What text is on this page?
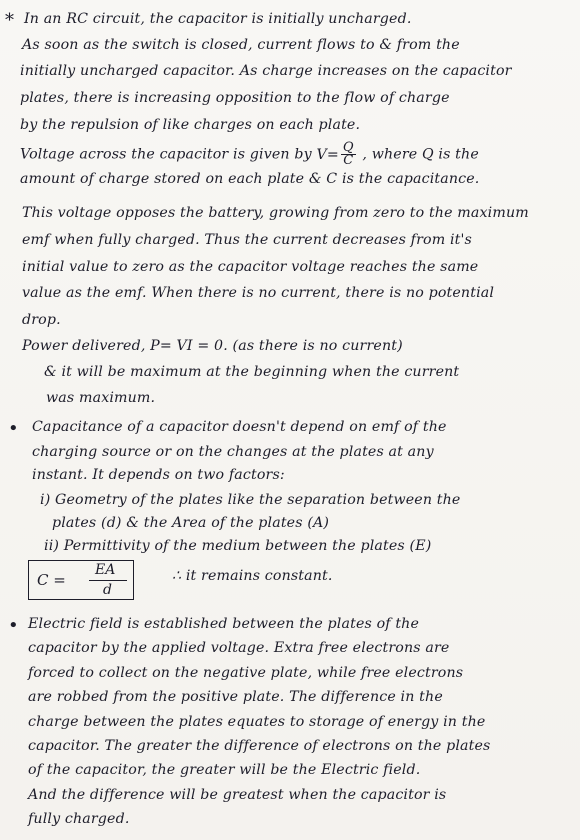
* In an RC circuit, the capacitor is initially uncharged.
As soon as the switch is closed, current flows to & from the
initially uncharged capacitor. As charge increases on the capacitor
plates, there is increasing opposition to the flow of charge
by the repulsion of like charges on each plate.
Voltage across the capacitor is given by $V= \frac{Q}{C}$ , where Q is the
amount of charge stored on each plate & C is the capacitance.
This voltage opposes the battery, growing from zero to the maximum
emf when fully charged. Thus the current decreases from it's
initial value to zero as the capacitor voltage reaches the same
value as the emf. When there is no current, there is no potential
drop.
Power delivered, P= VI = 0. (as there is no current)
& it will be maximum at the beginning when the current
was maximum.
• Capacitance of a capacitor doesn't depend on emf of the
charging source or on the changes at the plates at any
instant. It depends on two factors:
i) Geometry of the plates like the separation between the
plates (d) & the Area of the plates (A)
ii) Permittivity of the medium between the plates (E)
C =
EA
d
∴ it remains constant.
• Electric field is established between the plates of the
capacitor by the applied voltage. Extra free electrons are
forced to collect on the negative plate, while free electrons
are robbed from the positive plate. The difference in the
charge between the plates equates to storage of energy in the
capacitor. The greater the difference of electrons on the plates
of the capacitor, the greater will be the Electric field.
And the difference will be greatest when the capacitor is
fully charged.
